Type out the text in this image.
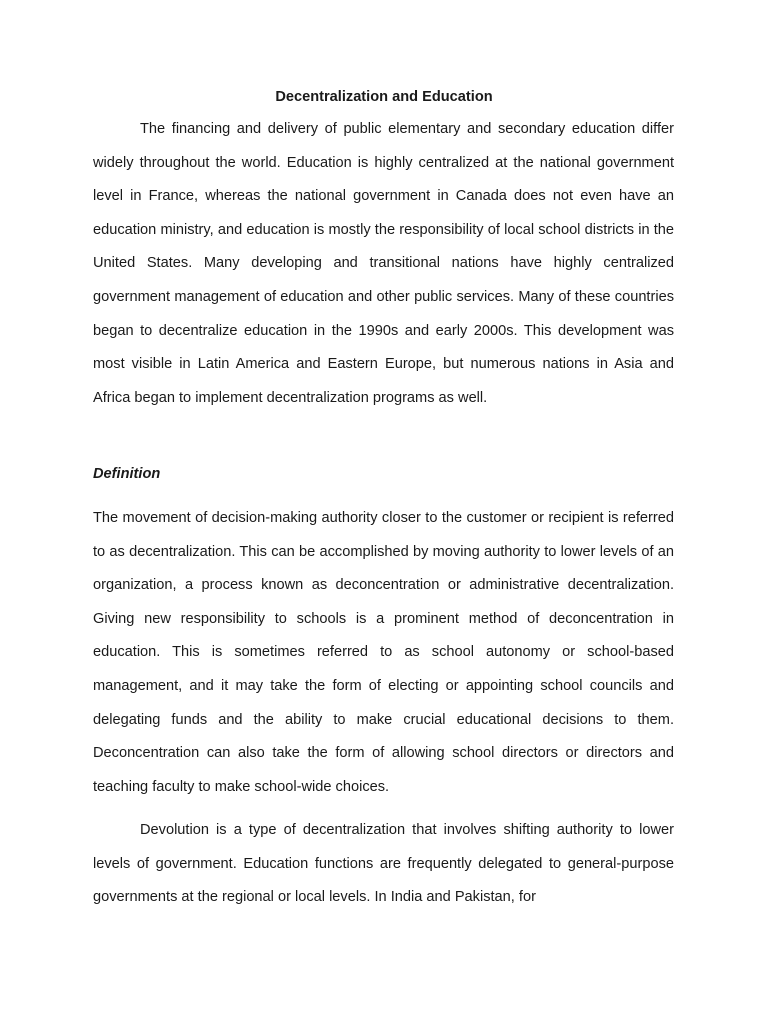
Decentralization and Education

The financing and delivery of public elementary and secondary education differ widely throughout the world. Education is highly centralized at the national government level in France, whereas the national government in Canada does not even have an education ministry, and education is mostly the responsibility of local school districts in the United States. Many developing and transitional nations have highly centralized government management of education and other public services. Many of these countries began to decentralize education in the 1990s and early 2000s. This development was most visible in Latin America and Eastern Europe, but numerous nations in Asia and Africa began to implement decentralization programs as well.

Definition

The movement of decision-making authority closer to the customer or recipient is referred to as decentralization. This can be accomplished by moving authority to lower levels of an organization, a process known as deconcentration or administrative decentralization. Giving new responsibility to schools is a prominent method of deconcentration in education. This is sometimes referred to as school autonomy or school-based management, and it may take the form of electing or appointing school councils and delegating funds and the ability to make crucial educational decisions to them. Deconcentration can also take the form of allowing school directors or directors and teaching faculty to make school-wide choices.

Devolution is a type of decentralization that involves shifting authority to lower levels of government. Education functions are frequently delegated to general-purpose governments at the regional or local levels. In India and Pakistan, for
